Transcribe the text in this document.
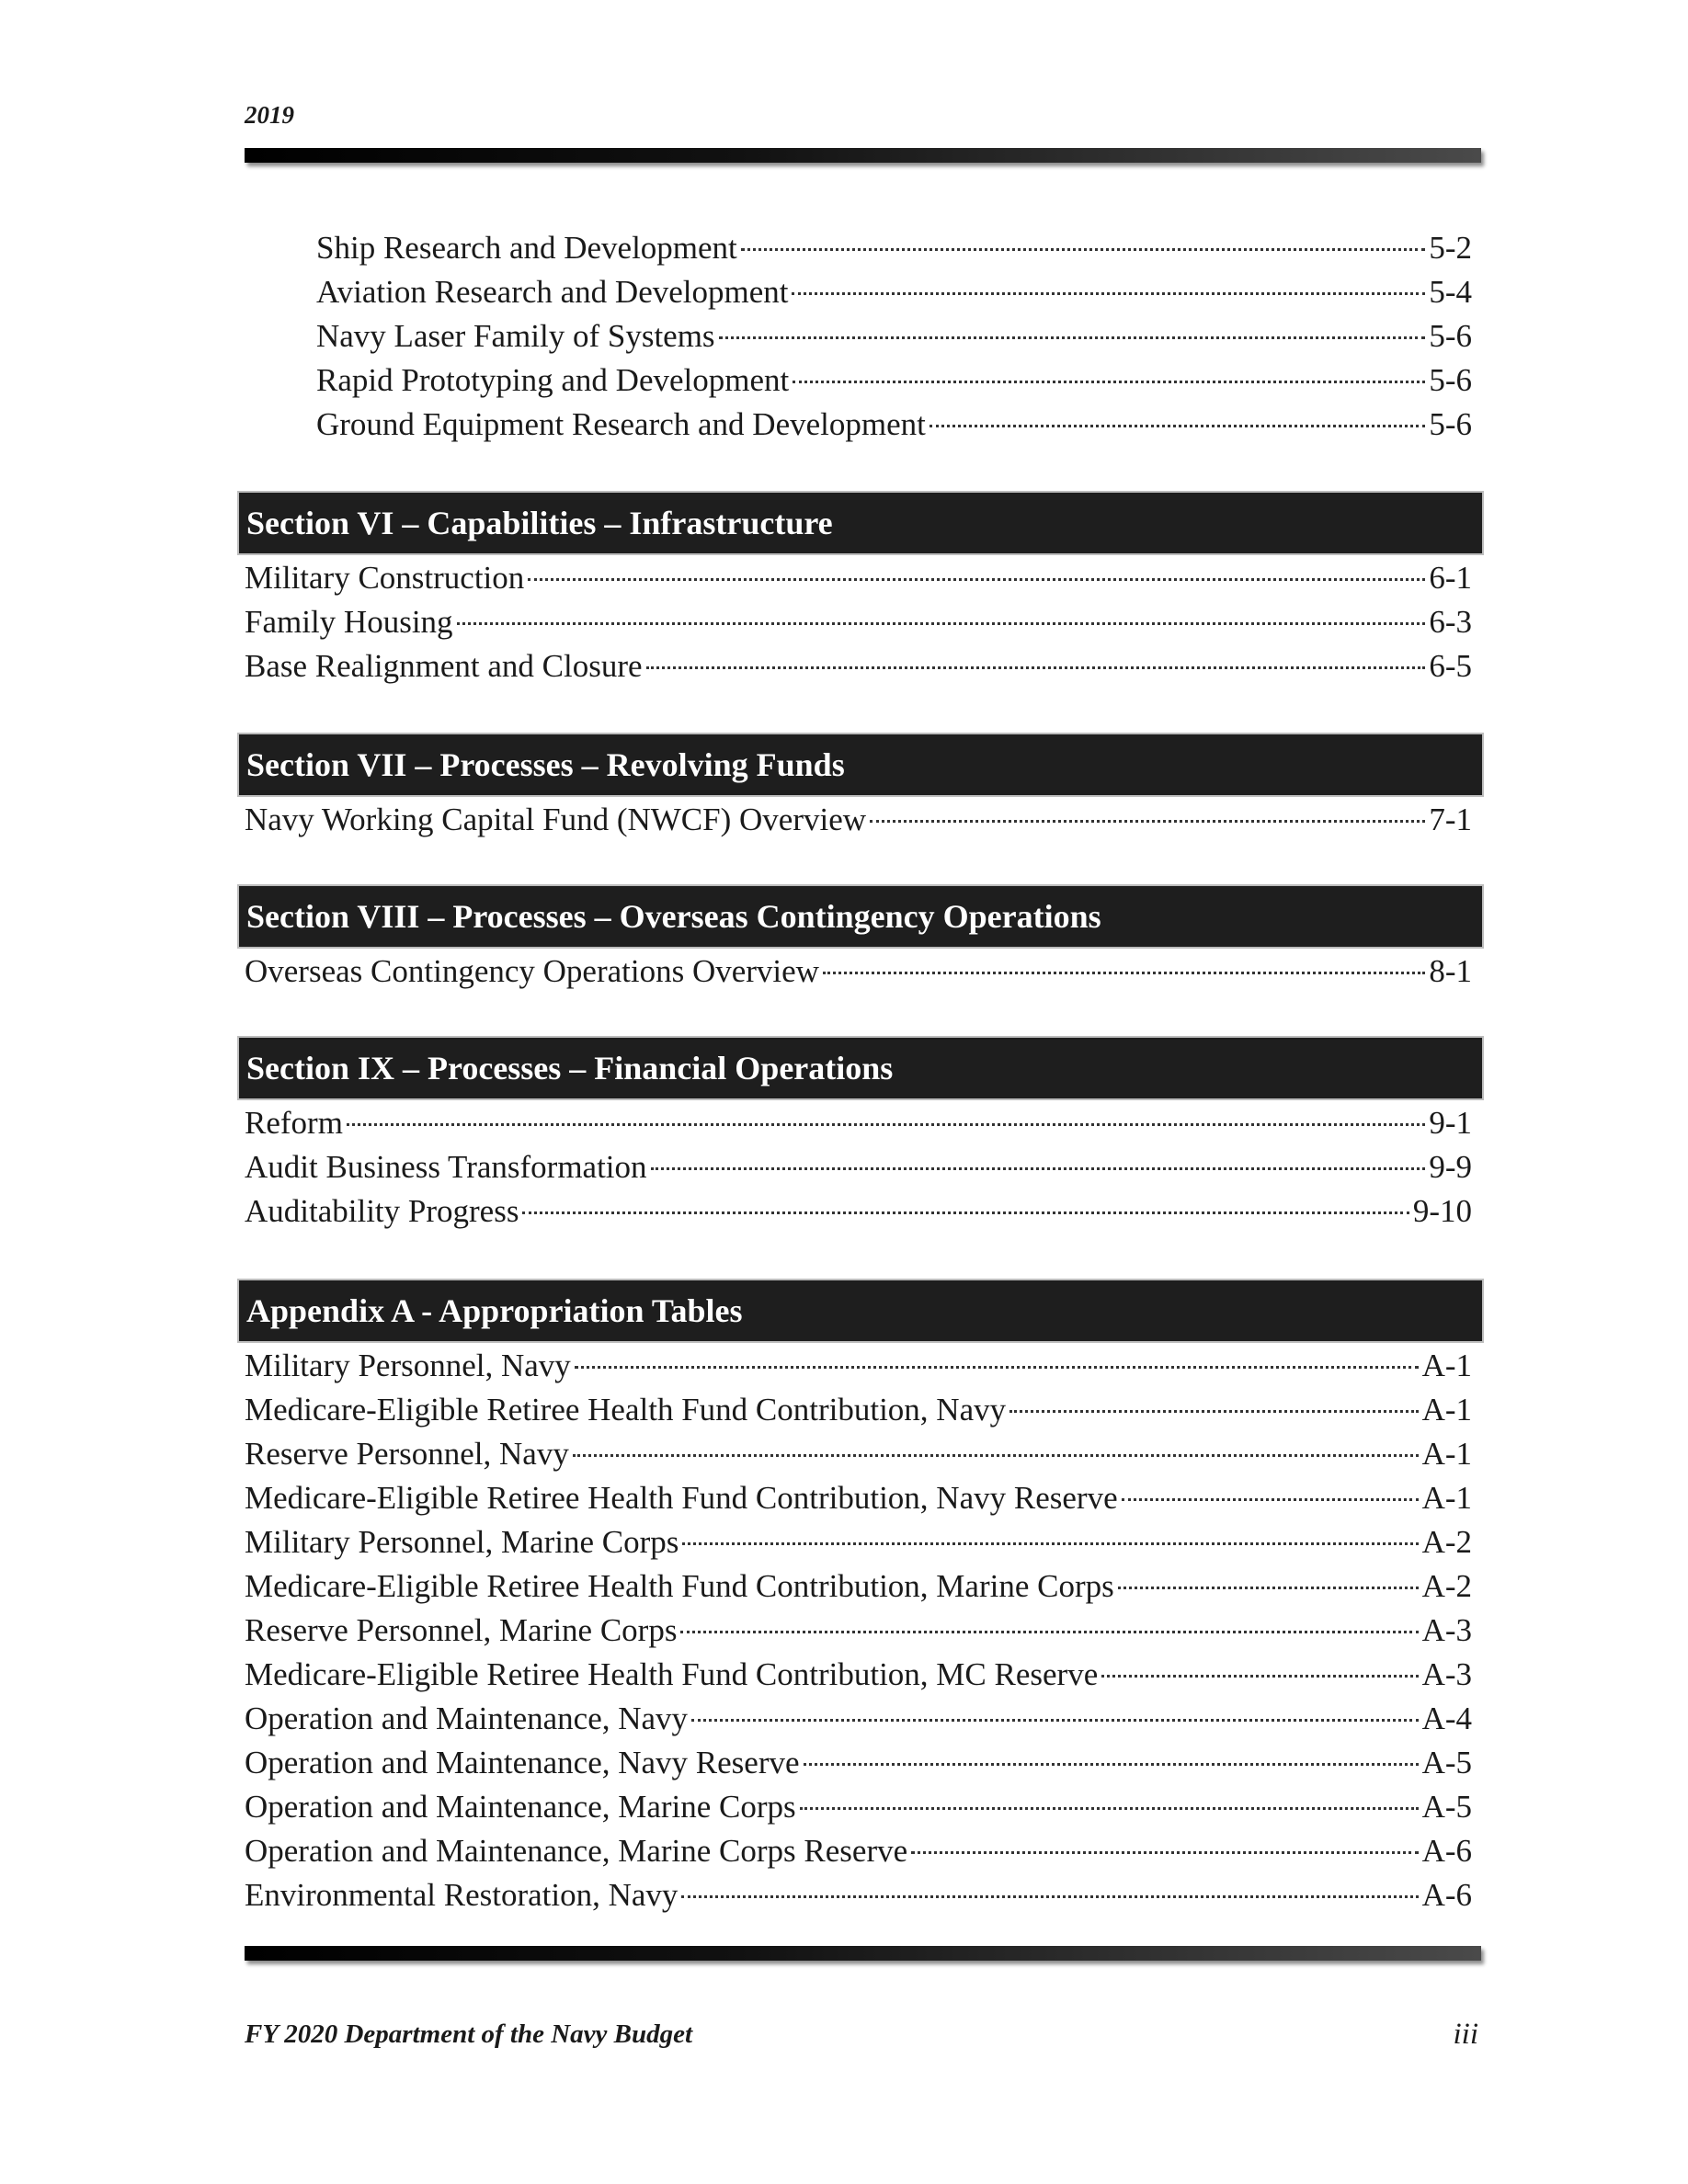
2019
Ship Research and Development	5-2
Aviation Research and Development	5-4
Navy Laser Family of Systems	5-6
Rapid Prototyping and Development	5-6
Ground Equipment Research and Development	5-6
Section VI – Capabilities – Infrastructure
Military Construction	6-1
Family Housing	6-3
Base Realignment and Closure	6-5
Section VII – Processes – Revolving Funds
Navy Working Capital Fund (NWCF) Overview	7-1
Section VIII – Processes – Overseas Contingency Operations
Overseas Contingency Operations Overview	8-1
Section IX – Processes – Financial Operations
Reform	9-1
Audit Business Transformation	9-9
Auditability Progress	9-10
Appendix A - Appropriation Tables
Military Personnel, Navy	A-1
Medicare-Eligible Retiree Health Fund Contribution, Navy	A-1
Reserve Personnel, Navy	A-1
Medicare-Eligible Retiree Health Fund Contribution, Navy Reserve	A-1
Military Personnel, Marine Corps	A-2
Medicare-Eligible Retiree Health Fund Contribution, Marine Corps	A-2
Reserve Personnel, Marine Corps	A-3
Medicare-Eligible Retiree Health Fund Contribution, MC Reserve	A-3
Operation and Maintenance, Navy	A-4
Operation and Maintenance, Navy Reserve	A-5
Operation and Maintenance, Marine Corps	A-5
Operation and Maintenance, Marine Corps Reserve	A-6
Environmental Restoration, Navy	A-6
FY 2020 Department of the Navy Budget	iii
